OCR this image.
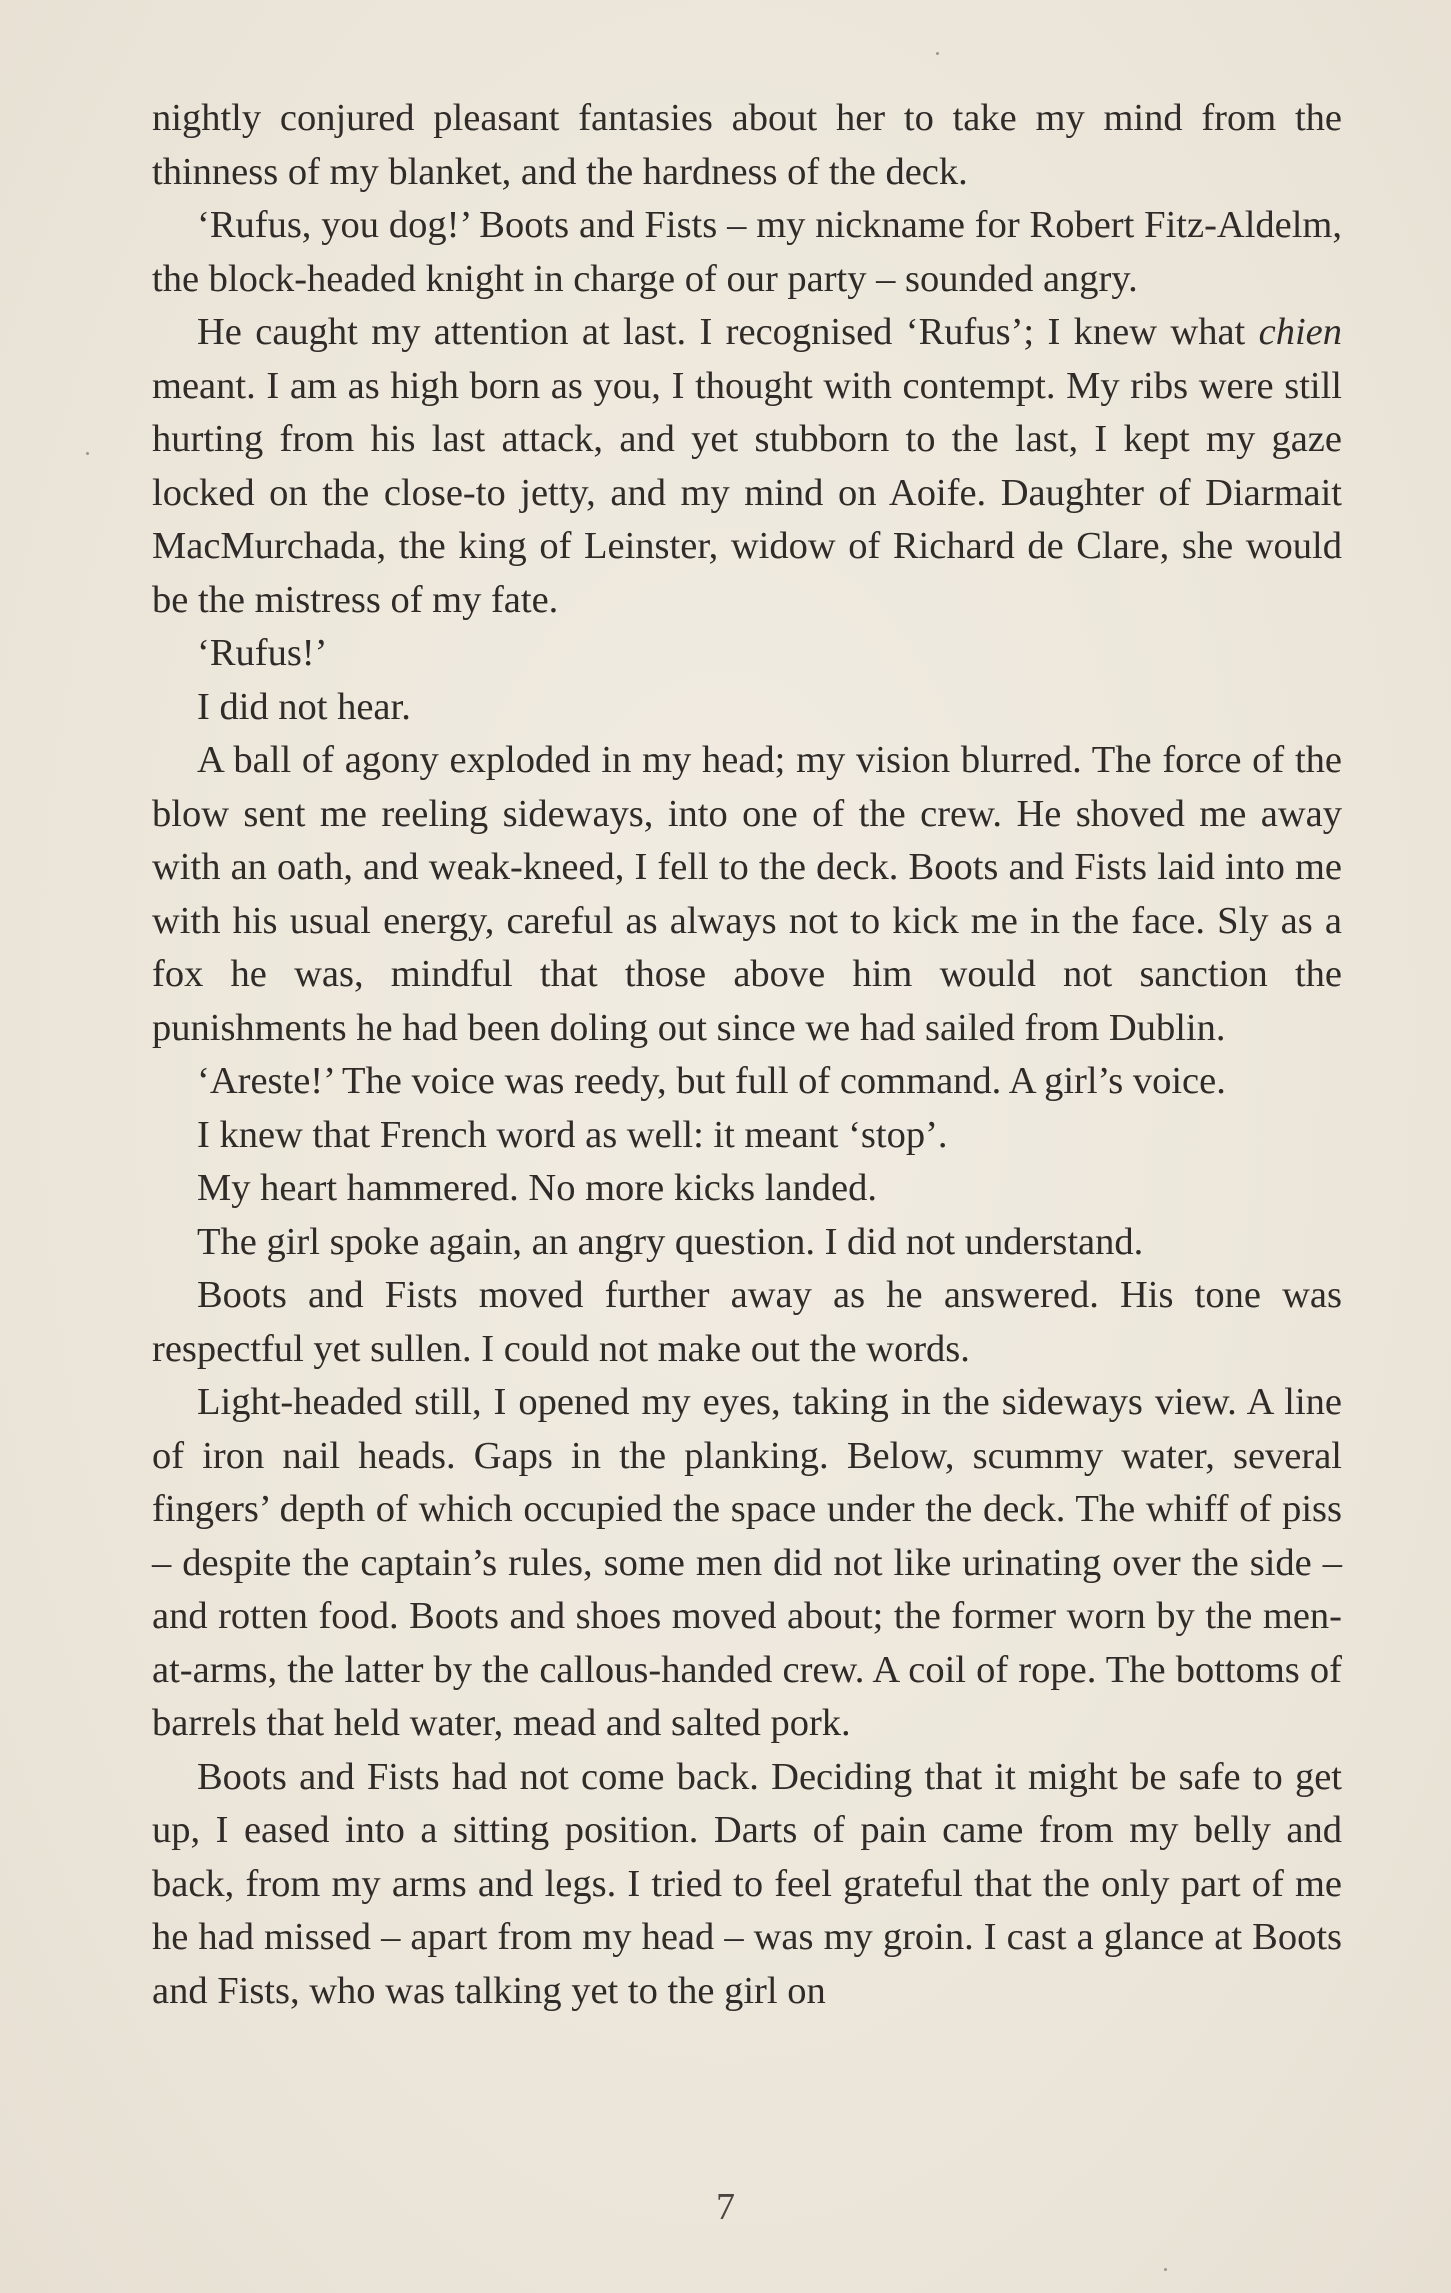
nightly conjured pleasant fantasies about her to take my mind from the thinness of my blanket, and the hardness of the deck.

‘Rufus, you dog!’ Boots and Fists – my nickname for Robert Fitz-Aldelm, the block-headed knight in charge of our party – sounded angry.

He caught my attention at last. I recognised ‘Rufus’; I knew what chien meant. I am as high born as you, I thought with contempt. My ribs were still hurting from his last attack, and yet stubborn to the last, I kept my gaze locked on the close-to jetty, and my mind on Aoife. Daughter of Diarmait MacMurchada, the king of Leinster, widow of Richard de Clare, she would be the mistress of my fate.

‘Rufus!’

I did not hear.

A ball of agony exploded in my head; my vision blurred. The force of the blow sent me reeling sideways, into one of the crew. He shoved me away with an oath, and weak-kneed, I fell to the deck. Boots and Fists laid into me with his usual energy, careful as always not to kick me in the face. Sly as a fox he was, mindful that those above him would not sanction the punishments he had been doling out since we had sailed from Dublin.

‘Areste!’ The voice was reedy, but full of command. A girl’s voice.

I knew that French word as well: it meant ‘stop’.

My heart hammered. No more kicks landed.

The girl spoke again, an angry question. I did not understand.

Boots and Fists moved further away as he answered. His tone was respectful yet sullen. I could not make out the words.

Light-headed still, I opened my eyes, taking in the sideways view. A line of iron nail heads. Gaps in the planking. Below, scummy water, several fingers’ depth of which occupied the space under the deck. The whiff of piss – despite the captain’s rules, some men did not like urinating over the side – and rotten food. Boots and shoes moved about; the former worn by the men-at-arms, the latter by the callous-handed crew. A coil of rope. The bottoms of barrels that held water, mead and salted pork.

Boots and Fists had not come back. Deciding that it might be safe to get up, I eased into a sitting position. Darts of pain came from my belly and back, from my arms and legs. I tried to feel grateful that the only part of me he had missed – apart from my head – was my groin. I cast a glance at Boots and Fists, who was talking yet to the girl on

7
